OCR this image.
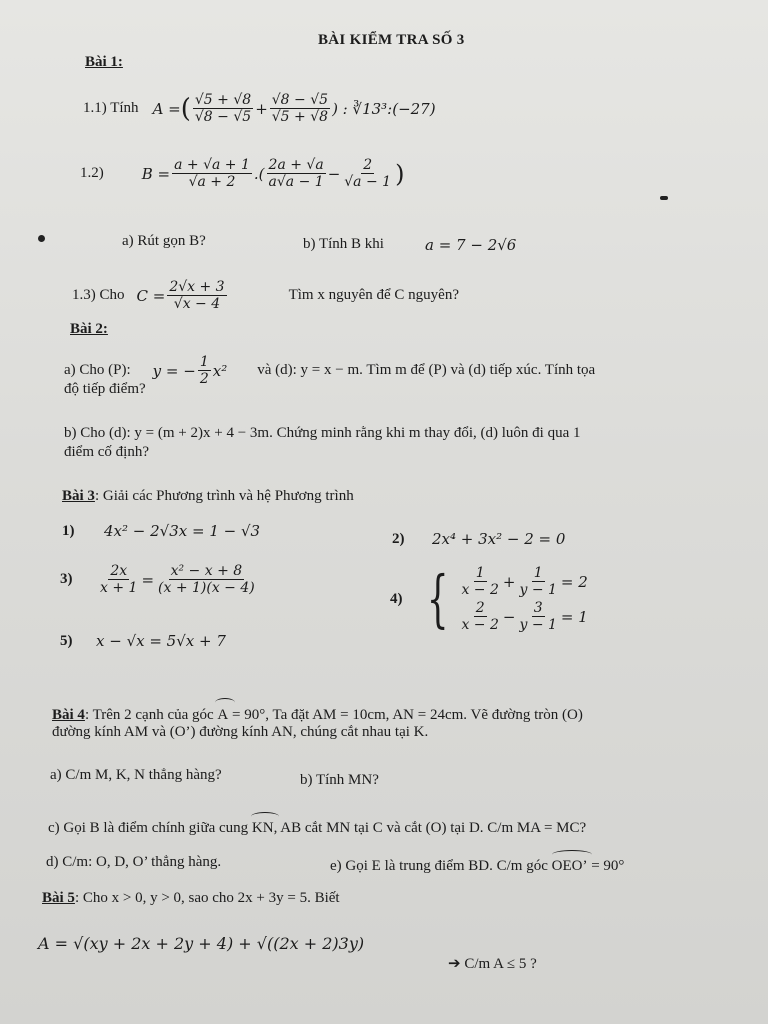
BÀI KIỂM TRA SỐ 3
Bài 1:
1.1) Tính A = ( $\frac{√5 + √8}{√8 - √5} + \frac{√8 - √5}{√5 + √8}$ ) : ∛13³:(−27)
1.2)	$B = \frac{a + √a + 1}{√a + 2}$ .( $\frac{2a + √a}{a√a - 1} - \frac{2}{√a - 1}$ )
a) Rút gọn B?	b) Tính B khi	a = 7 − 2√6
1.3) Cho $C = \frac{2√x + 3}{√x - 4}$	Tìm x nguyên để C nguyên?
Bài 2:
a) Cho (P): y = − $\frac{1}{2} x^2$ và (d): y = x − m. Tìm m để (P) và (d) tiếp xúc. Tính tọa
độ tiếp điểm?
b) Cho (d): y = (m + 2)x + 4 − 3m. Chứng minh rằng khi m thay đổi, (d) luôn đi qua 1
điểm cố định?
Bài 3: Giải các Phương trình và hệ Phương trình
1)	4x² − 2√3x = 1 − √3	2)	2x⁴ + 3x² − 2 = 0
3)	$\frac{2x}{x + 1} = \frac{\text{x² − x + 8}}{(x + 1)(x - 4)}$
4) { $\frac{1}{x - 2} + \frac{1}{y - 1} = 2$
$\frac{2}{x - 2} - \frac{3}{y - 1} = 1$
5)	x − √x = 5√x + 7
Bài 4: Trên 2 cạnh của góc
A = 90°, Ta đặt AM = 10cm, AN = 24cm. Vẽ đường tròn (O)
đường kính AM và (O’) đường kính AN, chúng cắt nhau tại K.
a) C/m M, K, N thẳng hàng?	b) Tính MN?
c) Gọi B là điểm chính giữa cung
KN, AB cắt MN tại C và cắt (O) tại D. C/m MA = MC?
d) C/m: O, D, O’ thẳng hàng.	e) Gọi E là trung điểm BD. C/m góc
OEO’ = 90°
Bài 5: Cho x > 0, y > 0, sao cho 2x + 3y = 5. Biết
A = √(xy + 2x + 2y + 4) + √((2x + 2)3y)
➔ C/m A ≤ 5 ?
